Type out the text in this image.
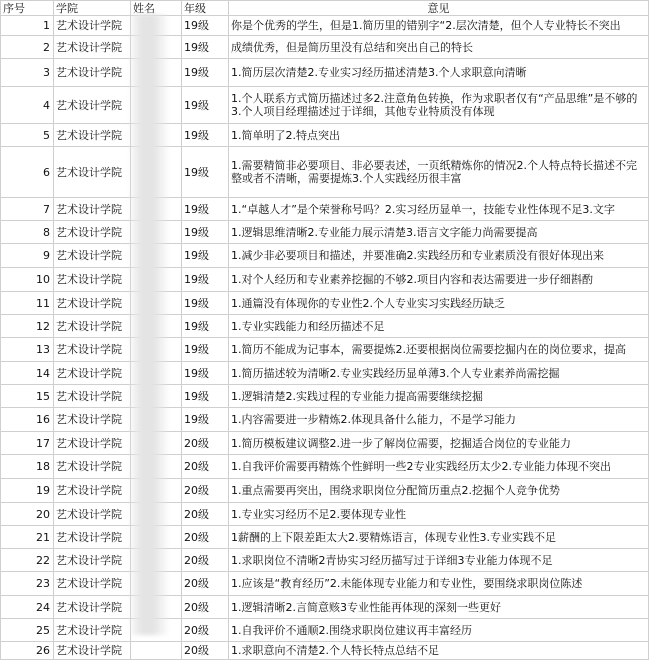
序号	学院	姓名	年级	意见
1	艺术设计学院		19级	你是个优秀的学生，但是1.简历里的错别字“2.层次清楚，但个人专业特长不突出
2	艺术设计学院		19级	成绩优秀，但是简历里没有总结和突出自己的特长
3	艺术设计学院		19级	1.简历层次清楚2.专业实习经历描述清楚3.个人求职意向清晰
4	艺术设计学院		19级	1.个人联系方式简历描述过多2.注意角色转换，作为求职者仅有“产品思维”是不够的3.个人项目经理描述过于详细，其他专业特质没有体现
5	艺术设计学院		19级	1.简单明了2.特点突出
6	艺术设计学院		19级	1.需要精简非必要项目、非必要表述，一页纸精炼你的情况2.个人特点特长描述不完整或者不清晰，需要提炼3.个人实践经历很丰富
7	艺术设计学院		19级	1.“卓越人才”是个荣誉称号吗？2.实习经历显单一，技能专业性体现不足3.文字
8	艺术设计学院		19级	1.逻辑思维清晰2.专业能力展示清楚3.语言文字能力尚需要提高
9	艺术设计学院		19级	1.减少非必要项目和描述，并要准确2.实践经历和专业素质没有很好体现出来
10	艺术设计学院		19级	1.对个人经历和专业素养挖掘的不够2.项目内容和表达需要进一步仔细斟酌
11	艺术设计学院		19级	1.通篇没有体现你的专业性2.个人专业实习实践经历缺乏
12	艺术设计学院		19级	1.专业实践能力和经历描述不足
13	艺术设计学院		19级	1.简历不能成为记事本，需要提炼2.还要根据岗位需要挖掘内在的岗位要求，提高
14	艺术设计学院		19级	1.简历描述较为清晰2.专业实践经历显单薄3.个人专业素养尚需挖掘
15	艺术设计学院		19级	1.逻辑清楚2.实践过程的专业能力提高需要继续挖掘
16	艺术设计学院		19级	1.内容需要进一步精炼2.体现具备什么能力，不是学习能力
17	艺术设计学院		20级	1.简历模板建议调整2.进一步了解岗位需要，挖掘适合岗位的专业能力
18	艺术设计学院		20级	1.自我评价需要再精炼个性鲜明一些2专业实践经历太少2.专业能力体现不突出
19	艺术设计学院		20级	1.重点需要再突出，围绕求职岗位分配简历重点2.挖掘个人竞争优势
20	艺术设计学院		20级	1.专业实习经历不足2.要体现专业性
21	艺术设计学院		20级	1薪酬的上下限差距太大2.要精炼语言，体现专业性3.专业实践不足
22	艺术设计学院		20级	1.求职岗位不清晰2青协实习经历描写过于详细3专业能力体现不足
23	艺术设计学院		20级	1.应该是“教育经历”2.未能体现专业能力和专业性，要围绕求职岗位陈述
24	艺术设计学院		20级	1.逻辑清晰2.言简意赅3专业性能再体现的深刻一些更好
25	艺术设计学院		20级	1.自我评价不通顺2.围绕求职岗位建议再丰富经历
26	艺术设计学院		20级	1.求职意向不清楚2.个人特长特点总结不足
